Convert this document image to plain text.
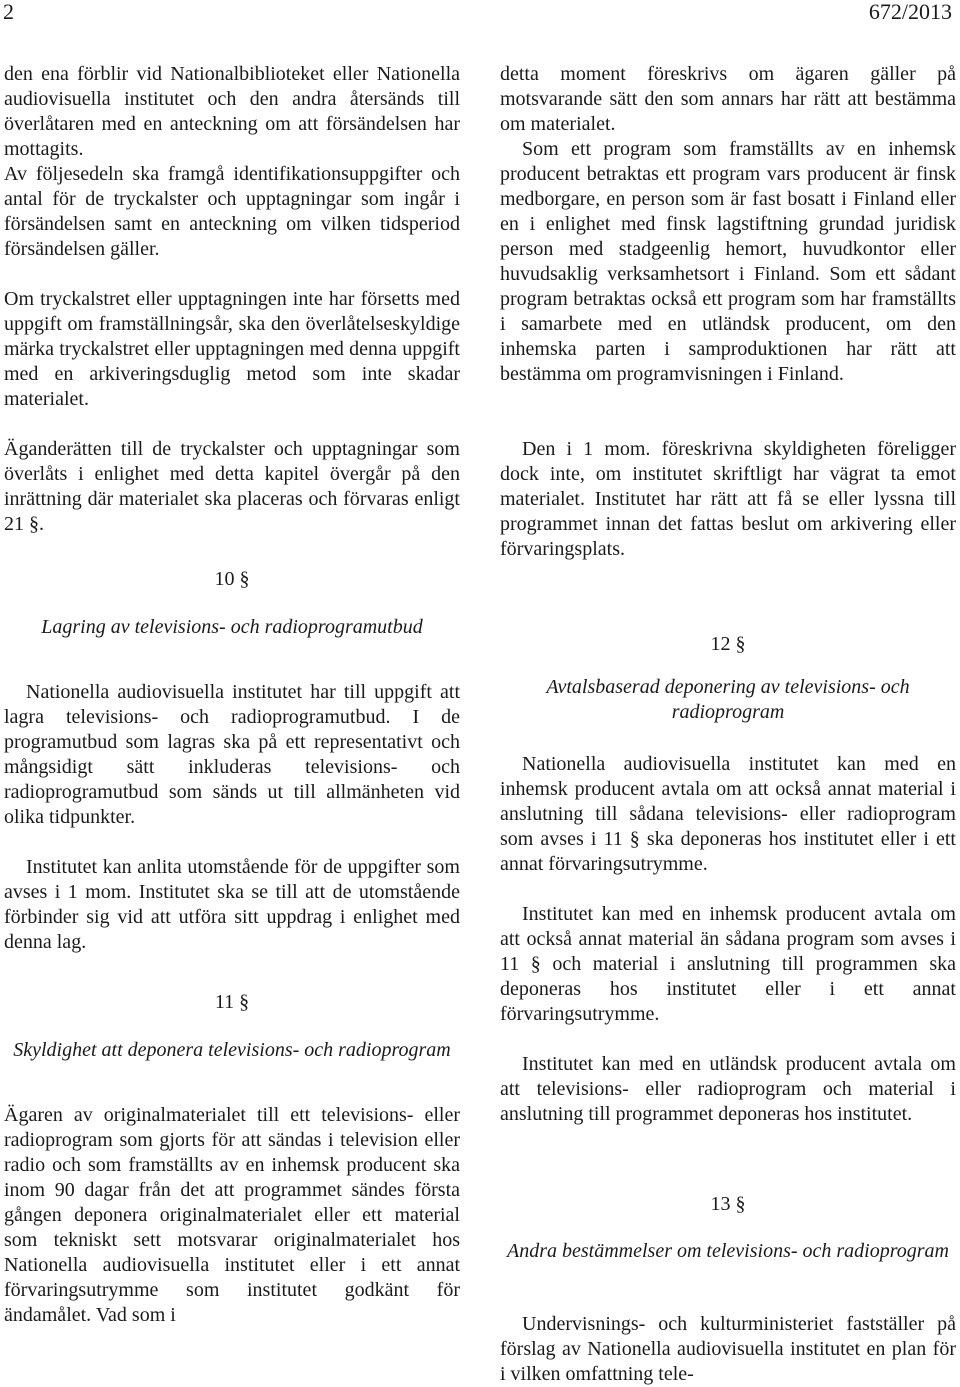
2	672/2013

den ena förblir vid Nationalbiblioteket eller Nationella audiovisuella institutet och den andra återsänds till överlåtaren med en anteckning om att försändelsen har mottagits.

Av följesedeln ska framgå identifikationsuppgifter och antal för de tryckalster och upptagningar som ingår i försändelsen samt en anteckning om vilken tidsperiod försändelsen gäller.

Om tryckalstret eller upptagningen inte har försetts med uppgift om framställningsår, ska den överlåtelseskyldige märka tryckalstret eller upptagningen med denna uppgift med en arkiveringsduglig metod som inte skadar materialet.

Äganderätten till de tryckalster och upptagningar som överlåts i enlighet med detta kapitel övergår på den inrättning där materialet ska placeras och förvaras enligt 21 §.

10 §

Lagring av televisions- och radioprogramutbud

Nationella audiovisuella institutet har till uppgift att lagra televisions- och radioprogramutbud. I de programutbud som lagras ska på ett representativt och mångsidigt sätt inkluderas televisions- och radioprogramutbud som sänds ut till allmänheten vid olika tidpunkter.

Institutet kan anlita utomstående för de uppgifter som avses i 1 mom. Institutet ska se till att de utomstående förbinder sig vid att utföra sitt uppdrag i enlighet med denna lag.

11 §

Skyldighet att deponera televisions- och radioprogram

Ägaren av originalmaterialet till ett televisions- eller radioprogram som gjorts för att sändas i television eller radio och som framställts av en inhemsk producent ska inom 90 dagar från det att programmet sändes första gången deponera originalmaterialet eller ett material som tekniskt sett motsvarar originalmaterialet hos Nationella audiovisuella institutet eller i ett annat förvaringsutrymme som institutet godkänt för ändamålet. Vad som i

detta moment föreskrivs om ägaren gäller på motsvarande sätt den som annars har rätt att bestämma om materialet.

Som ett program som framställts av en inhemsk producent betraktas ett program vars producent är finsk medborgare, en person som är fast bosatt i Finland eller en i enlighet med finsk lagstiftning grundad juridisk person med stadgeenlig hemort, huvudkontor eller huvudsaklig verksamhetsort i Finland. Som ett sådant program betraktas också ett program som har framställts i samarbete med en utländsk producent, om den inhemska parten i samproduktionen har rätt att bestämma om programvisningen i Finland.

Den i 1 mom. föreskrivna skyldigheten föreligger dock inte, om institutet skriftligt har vägrat ta emot materialet. Institutet har rätt att få se eller lyssna till programmet innan det fattas beslut om arkivering eller förvaringsplats.

12 §

Avtalsbaserad deponering av televisions- och radioprogram

Nationella audiovisuella institutet kan med en inhemsk producent avtala om att också annat material i anslutning till sådana televisions- eller radioprogram som avses i 11 § ska deponeras hos institutet eller i ett annat förvaringsutrymme.

Institutet kan med en inhemsk producent avtala om att också annat material än sådana program som avses i 11 § och material i anslutning till programmen ska deponeras hos institutet eller i ett annat förvaringsutrymme.

Institutet kan med en utländsk producent avtala om att televisions- eller radioprogram och material i anslutning till programmet deponeras hos institutet.

13 §

Andra bestämmelser om televisions- och radioprogram

Undervisnings- och kulturministeriet fastställer på förslag av Nationella audiovisuella institutet en plan för i vilken omfattning tele-
